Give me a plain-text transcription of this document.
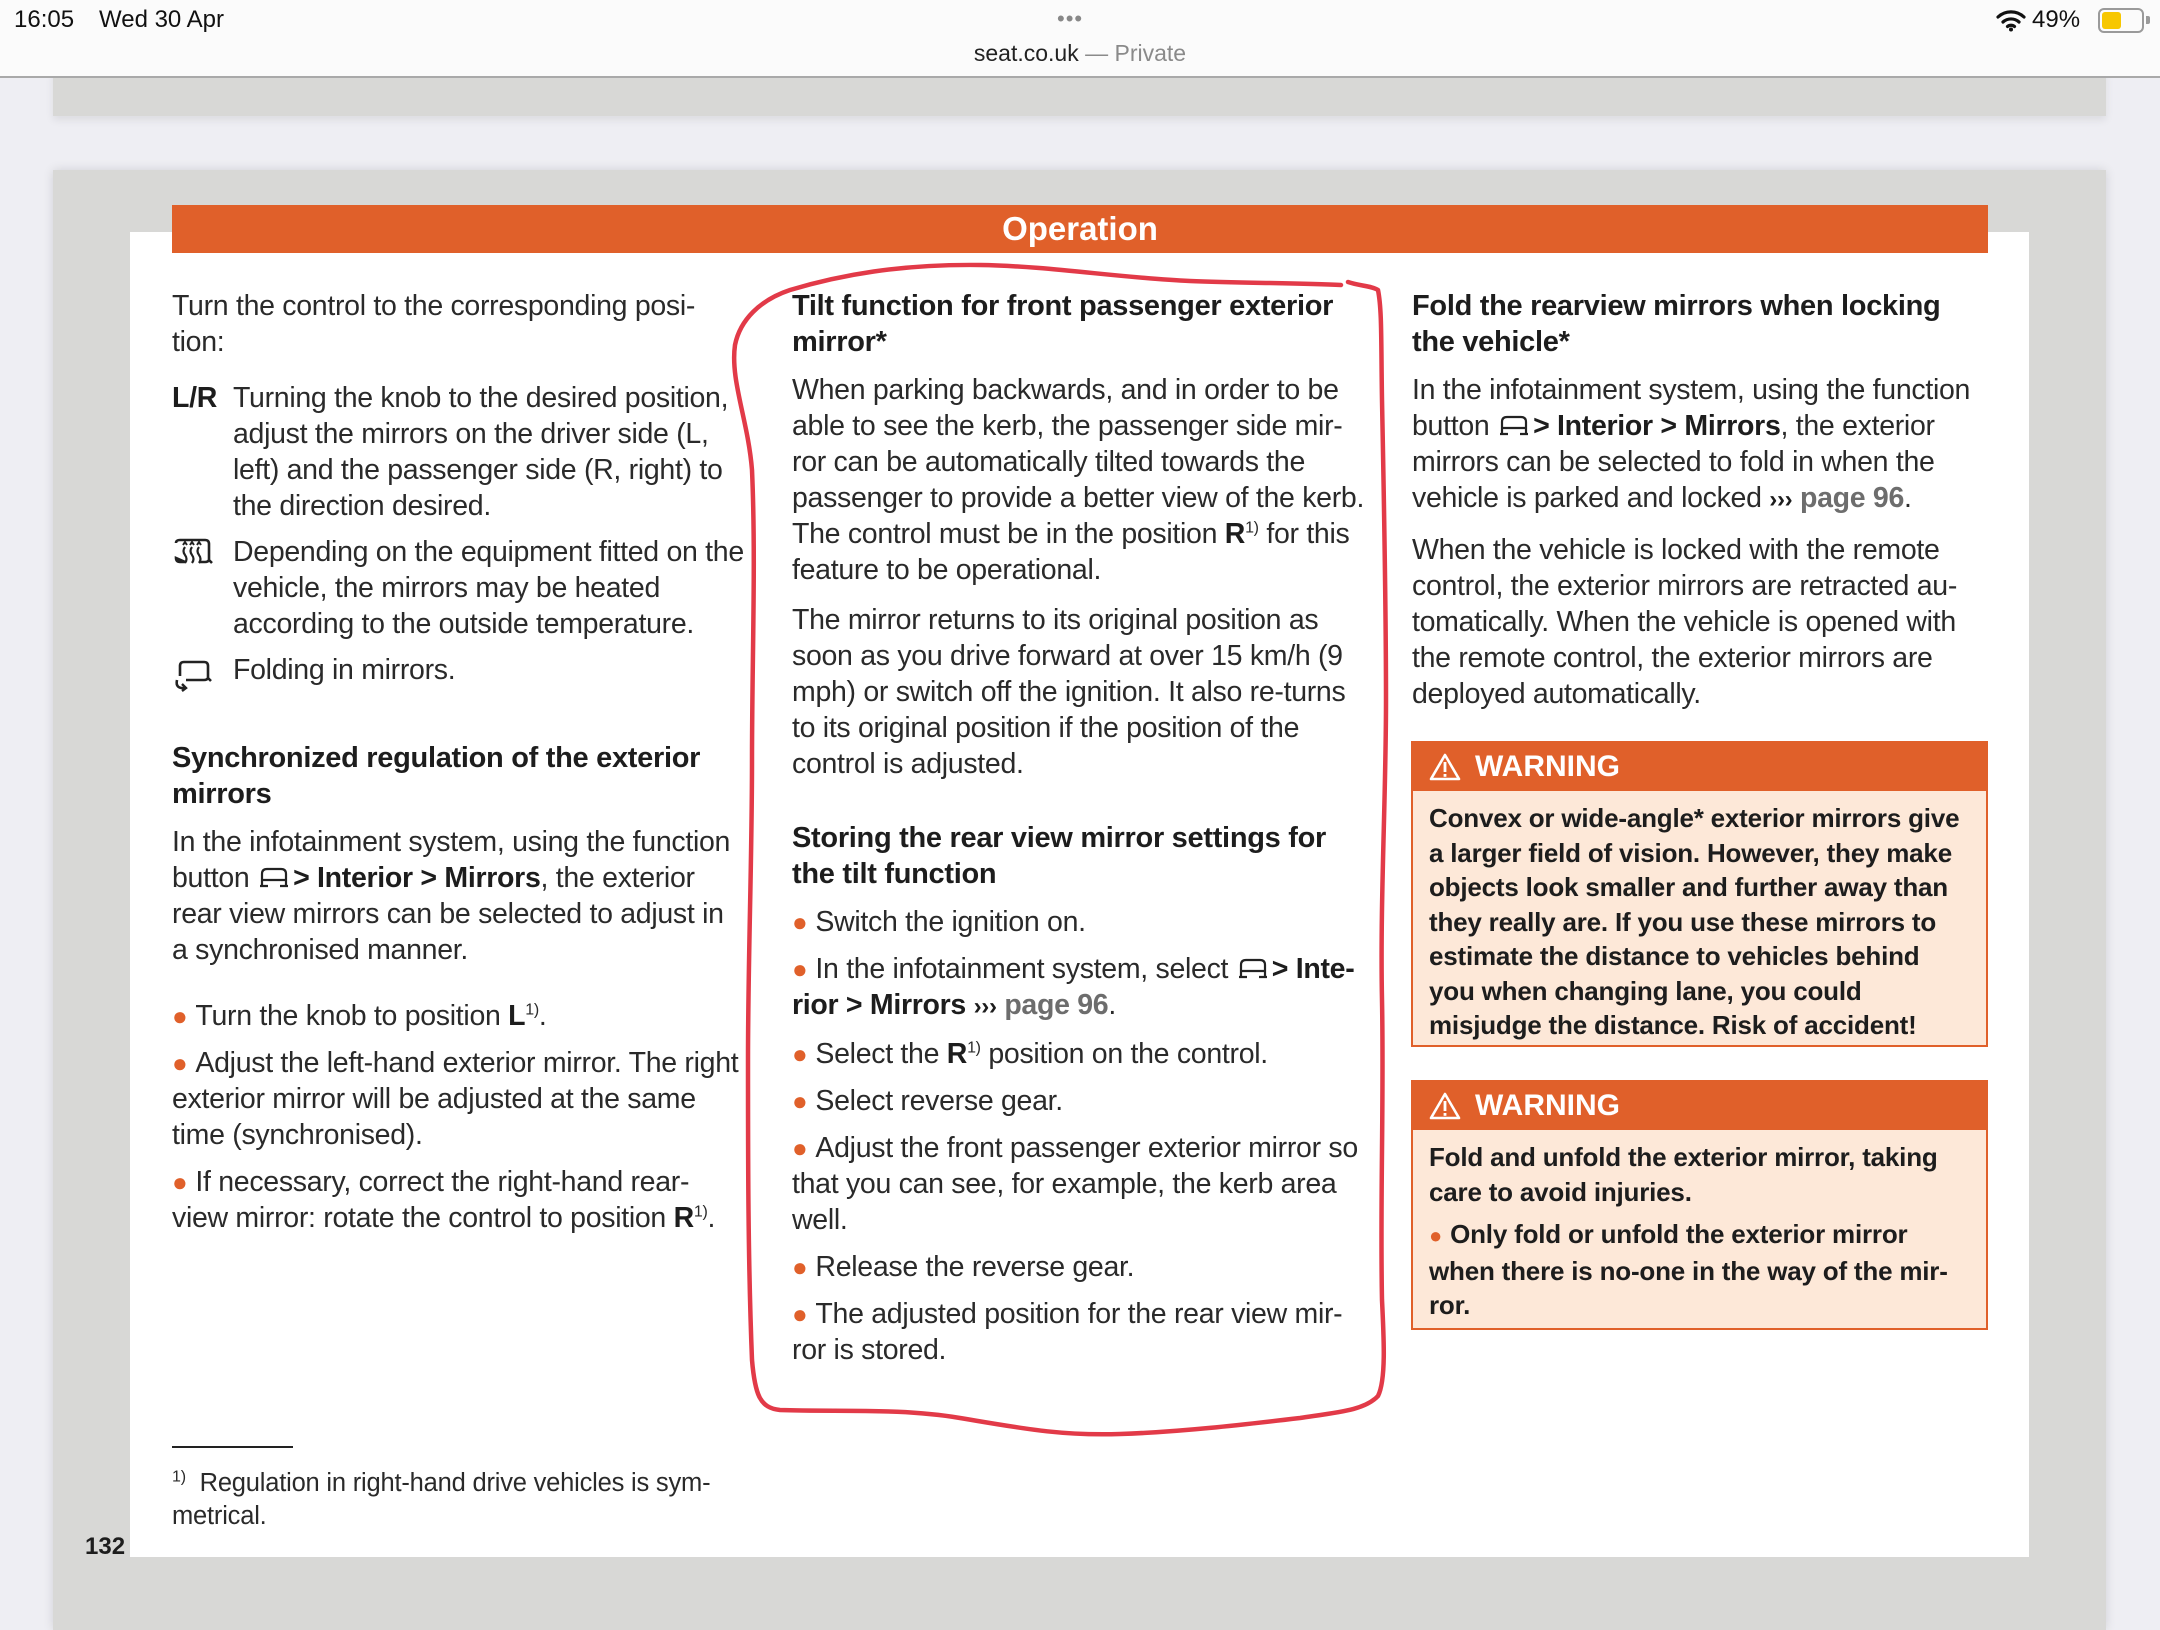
16:05 Wed 30 Apr	•••
seat.co.uk — Private
49%
Operation

Turn the control to the corresponding posi-tion:

L/R Turning the knob to the desired position, adjust the mirrors on the driver side (L, left) and the passenger side (R, right) to the direction desired.
Depending on the equipment fitted on the vehicle, the mirrors may be heated according to the outside temperature.
Folding in mirrors.
Synchronized regulation of the exterior mirrors

In the infotainment system, using the function button > Interior > Mirrors, the exterior rear view mirrors can be selected to adjust in a synchronised manner.

● Turn the knob to position $L^{1)}$.
● Adjust the left-hand exterior mirror. The right exterior mirror will be adjusted at the same time (synchronised).
● If necessary, correct the right-hand rear-view mirror: rotate the control to position $R^{1)}$.
Tilt function for front passenger exterior mirror*

When parking backwards, and in order to be able to see the kerb, the passenger side mir-ror can be automatically tilted towards the passenger to provide a better view of the kerb. The control must be in the position $R^{1)}$ for this feature to be operational.

The mirror returns to its original position as soon as you drive forward at over 15 km/h (9 mph) or switch off the ignition. It also re-turns to its original position if the position of the control is adjusted.

Storing the rear view mirror settings for the tilt function
● Switch the ignition on.
● In the infotainment system, select > Inte-rior > Mirrors ››› page 96.
● Select the $R^{1)}$ position on the control.
● Select reverse gear.
● Adjust the front passenger exterior mirror so that you can see, for example, the kerb area well.
● Release the reverse gear.
● The adjusted position for the rear view mir-ror is stored.
Fold the rearview mirrors when locking the vehicle*

In the infotainment system, using the function button > Interior > Mirrors, the exterior mirrors can be selected to fold in when the vehicle is parked and locked ››› page 96.

When the vehicle is locked with the remote control, the exterior mirrors are retracted au-tomatically. When the vehicle is opened with the remote control, the exterior mirrors are deployed automatically.

WARNING

Convex or wide-angle* exterior mirrors give a larger field of vision. However, they make objects look smaller and further away than they really are. If you use these mirrors to estimate the distance to vehicles behind you when changing lane, you could misjudge the distance. Risk of accident!

WARNING

Fold and unfold the exterior mirror, taking care to avoid injuries.

● Only fold or unfold the exterior mirror when there is no-one in the way of the mir-ror.

$^{1)}$ Regulation in right-hand drive vehicles is sym-metrical.
132
